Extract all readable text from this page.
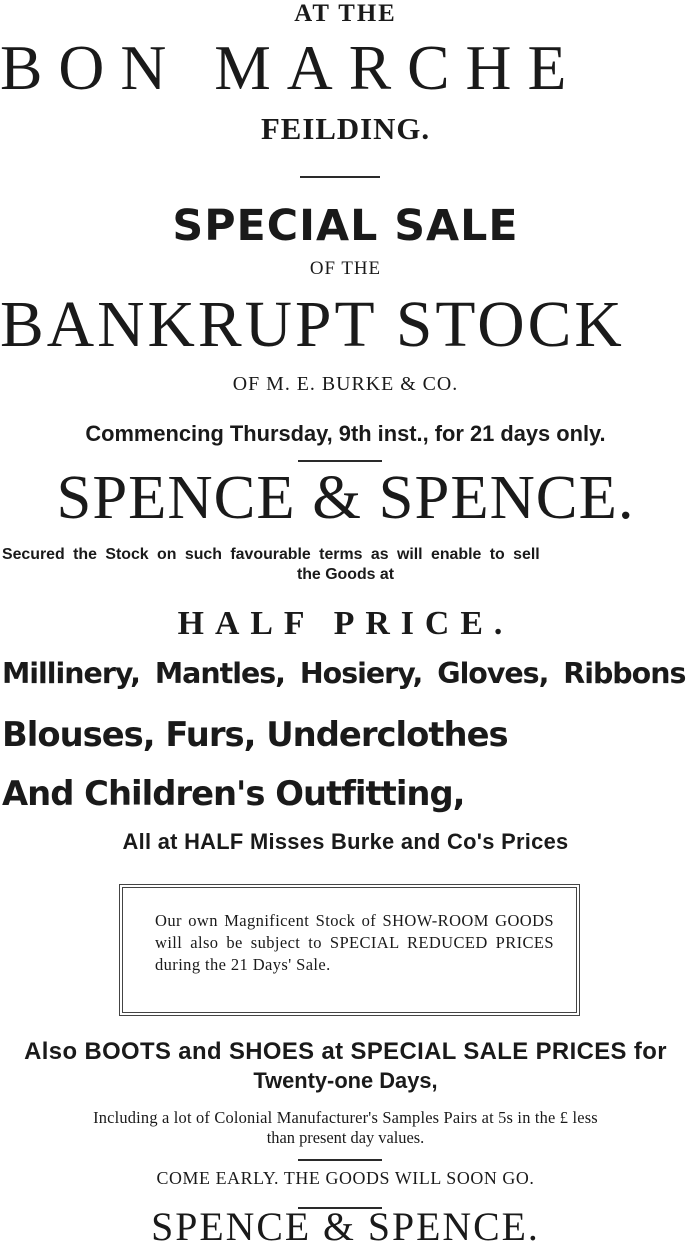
AT THE
BON MARCHE
FEILDING.
SPECIAL SALE
OF THE
BANKRUPT STOCK
OF M. E. BURKE & CO.
Commencing Thursday, 9th inst., for 21 days only.
SPENCE & SPENCE.
Secured the Stock on such favourable terms as will enable to sell
the Goods at
HALF PRICE.
Millinery, Mantles, Hosiery, Gloves, Ribbons
Blouses, Furs, Underclothes
And Children's Outfitting,
All at HALF Misses Burke and Co's Prices
Our own Magnificent Stock of SHOW-ROOM GOODS will also be subject to SPECIAL REDUCED PRICES during the 21 Days' Sale.
Also BOOTS and SHOES at SPECIAL SALE PRICES for
Twenty-one Days,
Including a lot of Colonial Manufacturer's Samples Pairs at 5s in the £ less
than present day values.
COME EARLY. THE GOODS WILL SOON GO.
SPENCE & SPENCE.
